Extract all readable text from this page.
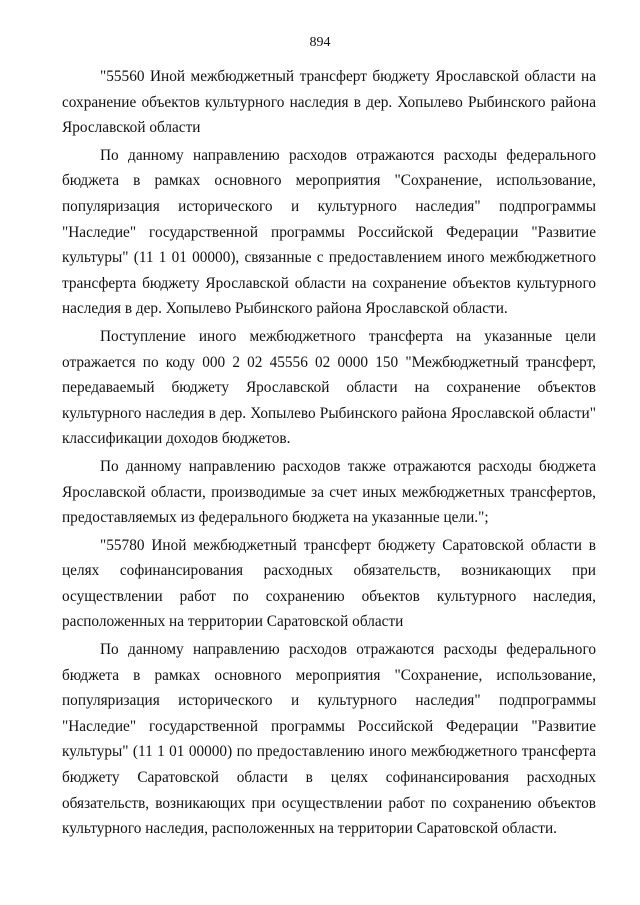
894

"55560 Иной межбюджетный трансферт бюджету Ярославской области на сохранение объектов культурного наследия в дер. Хопылево Рыбинского района Ярославской области

По данному направлению расходов отражаются расходы федерального бюджета в рамках основного мероприятия "Сохранение, использование, популяризация исторического и культурного наследия" подпрограммы "Наследие" государственной программы Российской Федерации "Развитие культуры" (11 1 01 00000), связанные с предоставлением иного межбюджетного трансферта бюджету Ярославской области на сохранение объектов культурного наследия в дер. Хопылево Рыбинского района Ярославской области.

Поступление иного межбюджетного трансферта на указанные цели отражается по коду 000 2 02 45556 02 0000 150 "Межбюджетный трансферт, передаваемый бюджету Ярославской области на сохранение объектов культурного наследия в дер. Хопылево Рыбинского района Ярославской области" классификации доходов бюджетов.

По данному направлению расходов также отражаются расходы бюджета Ярославской области, производимые за счет иных межбюджетных трансфертов, предоставляемых из федерального бюджета на указанные цели.";

"55780 Иной межбюджетный трансферт бюджету Саратовской области в целях софинансирования расходных обязательств, возникающих при осуществлении работ по сохранению объектов культурного наследия, расположенных на территории Саратовской области

По данному направлению расходов отражаются расходы федерального бюджета в рамках основного мероприятия "Сохранение, использование, популяризация исторического и культурного наследия" подпрограммы "Наследие" государственной программы Российской Федерации "Развитие культуры" (11 1 01 00000) по предоставлению иного межбюджетного трансферта бюджету Саратовской области в целях софинансирования расходных обязательств, возникающих при осуществлении работ по сохранению объектов культурного наследия, расположенных на территории Саратовской области.
